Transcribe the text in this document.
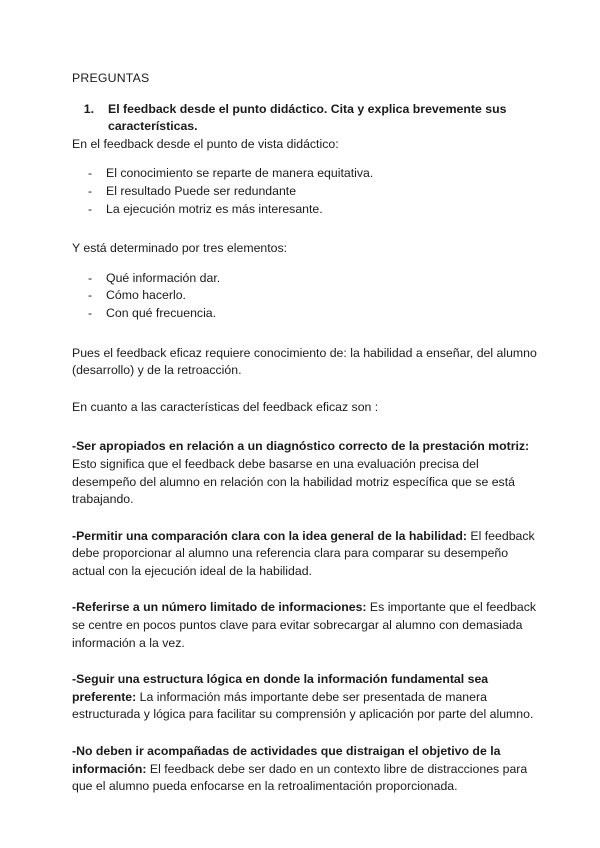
PREGUNTAS

1.	El feedback desde el punto didáctico. Cita y explica brevemente sus características.

En el feedback desde el punto de vista didáctico:

-	El conocimiento se reparte de manera equitativa.
-	El resultado Puede ser redundante
-	La ejecución motriz es más interesante.

Y está determinado por tres elementos:

-	Qué información dar.
-	Cómo hacerlo.
-	Con qué frecuencia.

Pues el feedback eficaz requiere conocimiento de: la habilidad a enseñar, del alumno (desarrollo) y de la retroacción.

En cuanto a las características del feedback eficaz son :

-Ser apropiados en relación a un diagnóstico correcto de la prestación motriz: Esto significa que el feedback debe basarse en una evaluación precisa del desempeño del alumno en relación con la habilidad motriz específica que se está trabajando.

-Permitir una comparación clara con la idea general de la habilidad: El feedback debe proporcionar al alumno una referencia clara para comparar su desempeño actual con la ejecución ideal de la habilidad.

-Referirse a un número limitado de informaciones: Es importante que el feedback se centre en pocos puntos clave para evitar sobrecargar al alumno con demasiada información a la vez.

-Seguir una estructura lógica en donde la información fundamental sea preferente: La información más importante debe ser presentada de manera estructurada y lógica para facilitar su comprensión y aplicación por parte del alumno.

-No deben ir acompañadas de actividades que distraigan el objetivo de la información: El feedback debe ser dado en un contexto libre de distracciones para que el alumno pueda enfocarse en la retroalimentación proporcionada.
